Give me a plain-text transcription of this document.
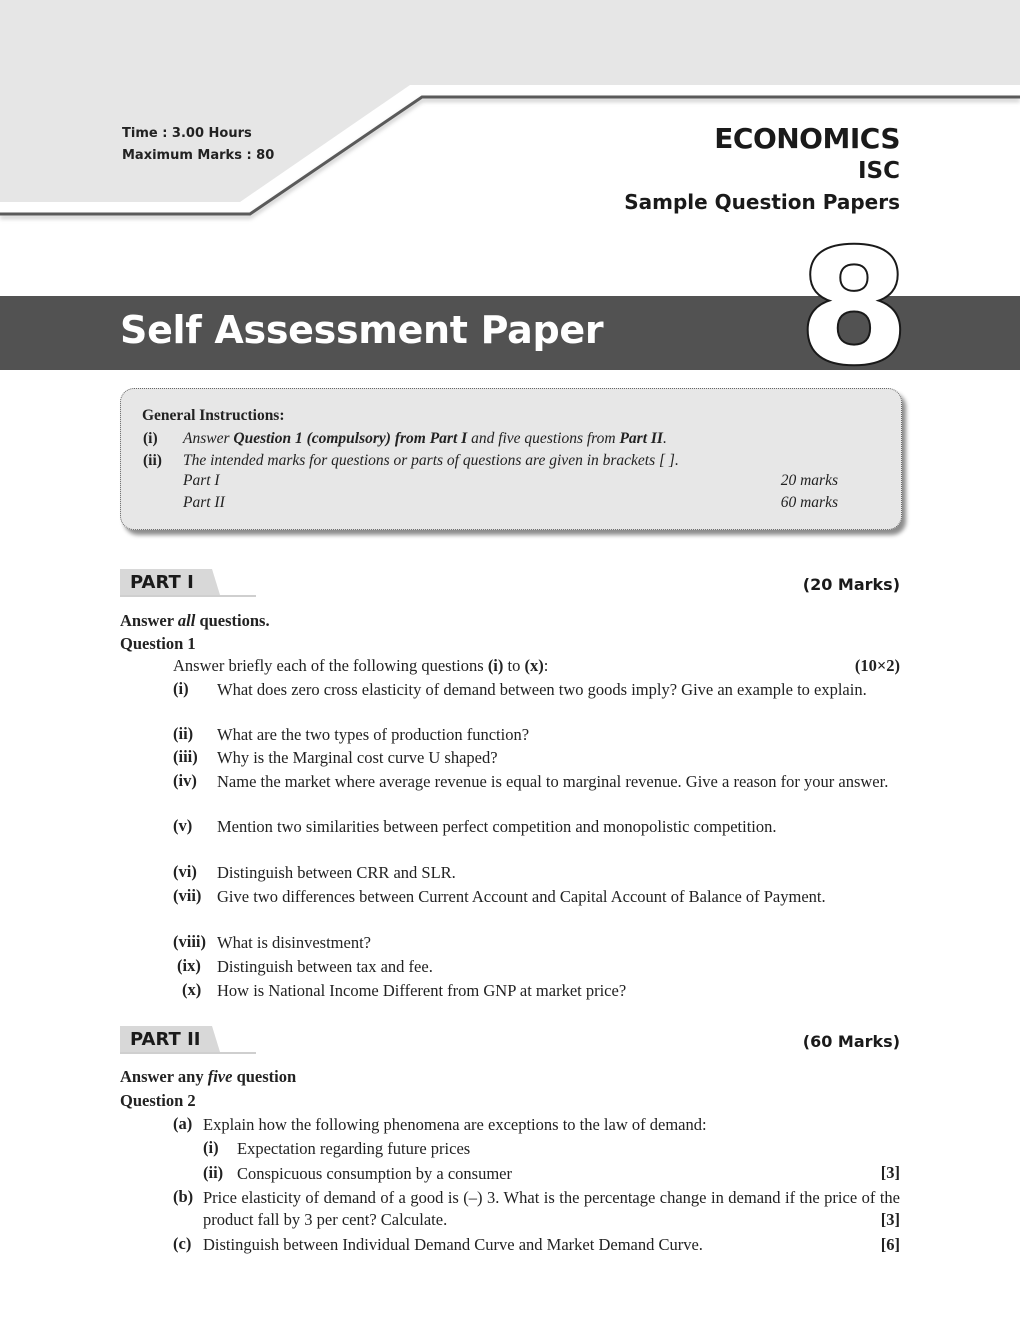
Time : 3.00 Hours
Maximum Marks : 80
ECONOMICS
ISC
Sample Question Papers
Self Assessment Paper 8
General Instructions:
(i) Answer Question 1 (compulsory) from Part I and five questions from Part II.
(ii) The intended marks for questions or parts of questions are given in brackets [ ].
Part I	20 marks
Part II	60 marks
PART I	(20 Marks)
Answer all questions.
Question 1
Answer briefly each of the following questions (i) to (x):	(10×2)
(i) What does zero cross elasticity of demand between two goods imply? Give an example to explain.
(ii) What are the two types of production function?
(iii) Why is the Marginal cost curve U shaped?
(iv) Name the market where average revenue is equal to marginal revenue. Give a reason for your answer.
(v) Mention two similarities between perfect competition and monopolistic competition.
(vi) Distinguish between CRR and SLR.
(vii) Give two differences between Current Account and Capital Account of Balance of Payment.
(viii) What is disinvestment?
(ix) Distinguish between tax and fee.
(x) How is National Income Different from GNP at market price?
PART II	(60 Marks)
Answer any five question
Question 2
(a) Explain how the following phenomena are exceptions to the law of demand:
(i) Expectation regarding future prices
(ii) Conspicuous consumption by a consumer	[3]
(b) Price elasticity of demand of a good is (–) 3. What is the percentage change in demand if the price of the product fall by 3 per cent? Calculate.	[3]
(c) Distinguish between Individual Demand Curve and Market Demand Curve.	[6]
